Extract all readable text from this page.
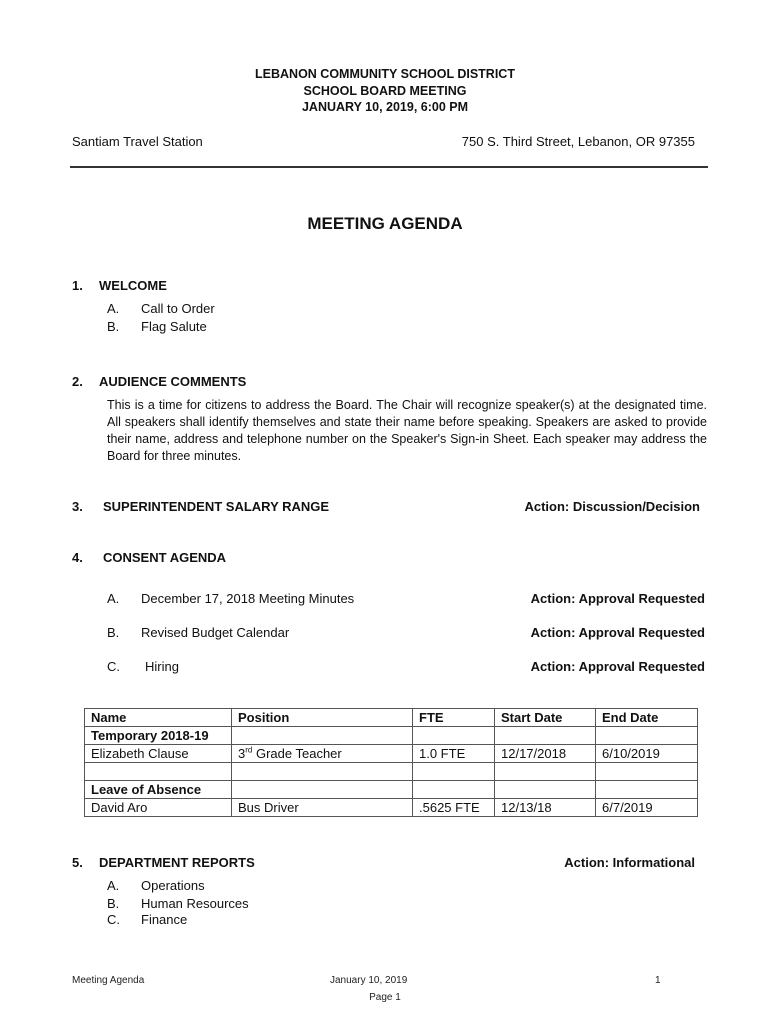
LEBANON COMMUNITY SCHOOL DISTRICT
SCHOOL BOARD MEETING
JANUARY 10, 2019, 6:00 PM
Santiam Travel Station	750 S. Third Street, Lebanon, OR 97355
MEETING AGENDA
1. WELCOME
A. Call to Order
B. Flag Salute
2. AUDIENCE COMMENTS
This is a time for citizens to address the Board. The Chair will recognize speaker(s) at the designated time. All speakers shall identify themselves and state their name before speaking. Speakers are asked to provide their name, address and telephone number on the Speaker's Sign-in Sheet. Each speaker may address the Board for three minutes.
3. SUPERINTENDENT SALARY RANGE	Action: Discussion/Decision
4. CONSENT AGENDA
A. December 17, 2018 Meeting Minutes	Action: Approval Requested
B. Revised Budget Calendar	Action: Approval Requested
C. Hiring	Action: Approval Requested
Name	Position	FTE	Start Date	End Date
Temporary 2018-19				
Elizabeth Clause	3rd Grade Teacher	1.0 FTE	12/17/2018	6/10/2019

Leave of Absence				
David Aro	Bus Driver	.5625 FTE	12/13/18	6/7/2019
5. DEPARTMENT REPORTS	Action: Informational
A. Operations
B. Human Resources
C. Finance
Meeting Agenda	January 10, 2019	1
Page 1
